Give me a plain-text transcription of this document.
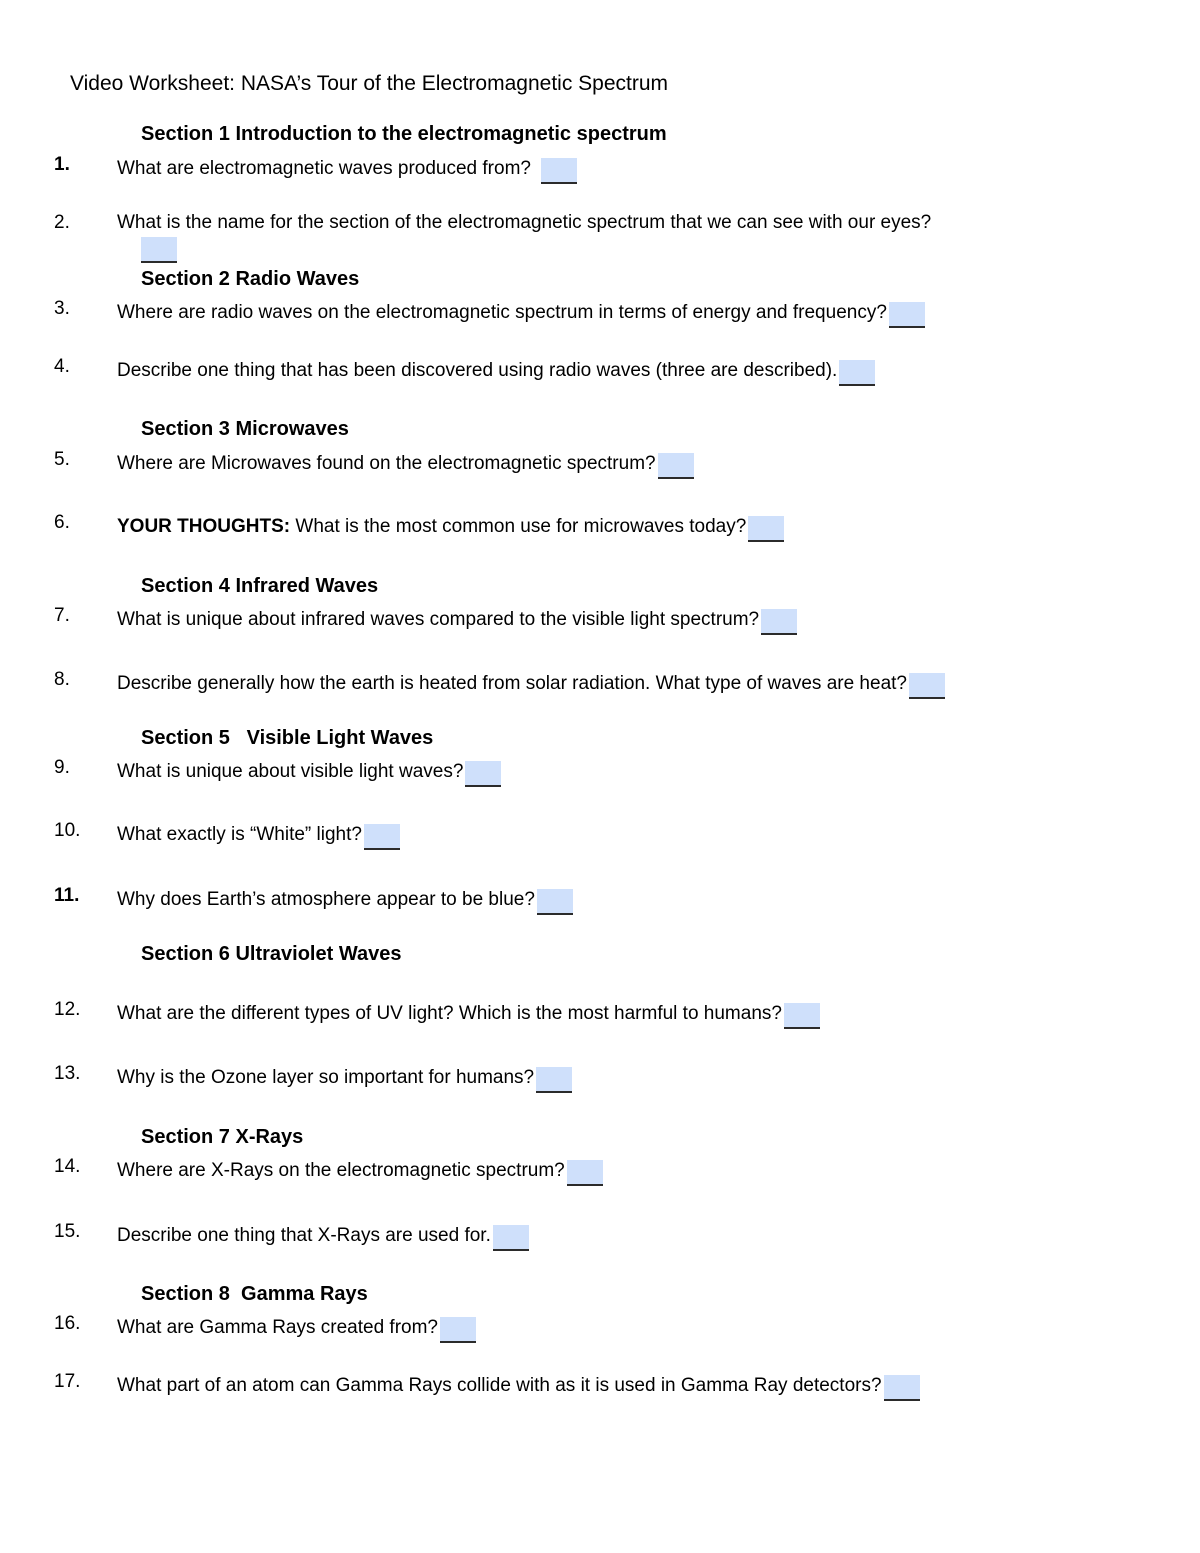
Video Worksheet: NASA’s Tour of the Electromagnetic Spectrum
Section 1 Introduction to the electromagnetic spectrum
1. What are electromagnetic waves produced from?
2. What is the name for the section of the electromagnetic spectrum that we can see with our eyes?
Section 2 Radio Waves
3. Where are radio waves on the electromagnetic spectrum in terms of energy and frequency?
4. Describe one thing that has been discovered using radio waves (three are described).
Section 3 Microwaves
5. Where are Microwaves found on the electromagnetic spectrum?
6. YOUR THOUGHTS: What is the most common use for microwaves today?
Section 4 Infrared Waves
7. What is unique about infrared waves compared to the visible light spectrum?
8. Describe generally how the earth is heated from solar radiation. What type of waves are heat?
Section 5   Visible Light Waves
9. What is unique about visible light waves?
10. What exactly is “White” light?
11. Why does Earth’s atmosphere appear to be blue?
Section 6 Ultraviolet Waves
12. What are the different types of UV light? Which is the most harmful to humans?
13. Why is the Ozone layer so important for humans?
Section 7 X-Rays
14. Where are X-Rays on the electromagnetic spectrum?
15. Describe one thing that X-Rays are used for.
Section 8  Gamma Rays
16. What are Gamma Rays created from?
17. What part of an atom can Gamma Rays collide with as it is used in Gamma Ray detectors?
